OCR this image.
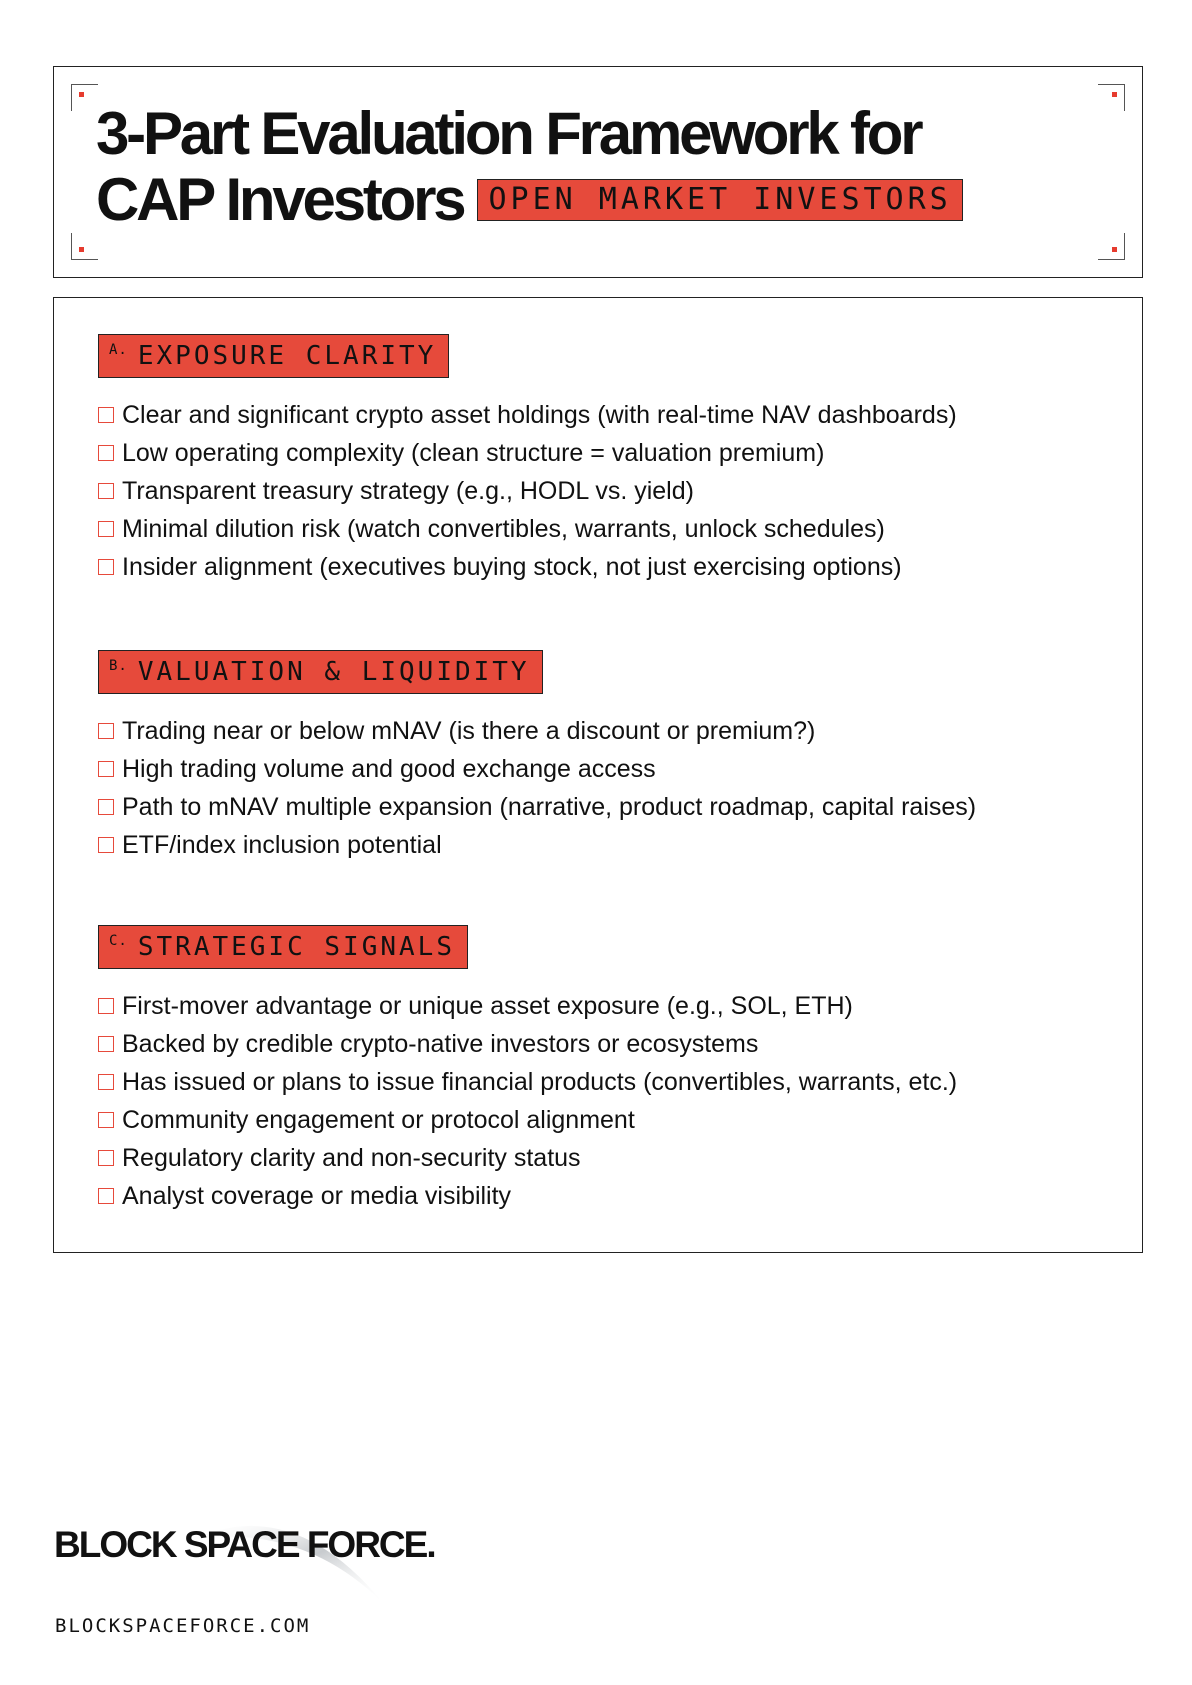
3-Part Evaluation Framework for
CAP Investors OPEN MARKET INVESTORS
$^{A.}$ EXPOSURE CLARITY
Clear and significant crypto asset holdings (with real-time NAV dashboards)
Low operating complexity (clean structure = valuation premium)
Transparent treasury strategy (e.g., HODL vs. yield)
Minimal dilution risk (watch convertibles, warrants, unlock schedules)
Insider alignment (executives buying stock, not just exercising options)
$^{B.}$ VALUATION & LIQUIDITY
Trading near or below mNAV (is there a discount or premium?)
High trading volume and good exchange access
Path to mNAV multiple expansion (narrative, product roadmap, capital raises)
ETF/index inclusion potential
$^{C.}$ STRATEGIC SIGNALS
First-mover advantage or unique asset exposure (e.g., SOL, ETH)
Backed by credible crypto-native investors or ecosystems
Has issued or plans to issue financial products (convertibles, warrants, etc.)
Community engagement or protocol alignment
Regulatory clarity and non-security status
Analyst coverage or media visibility
BLOCK SPACE FORCE.
BLOCKSPACEFORCE.COM
